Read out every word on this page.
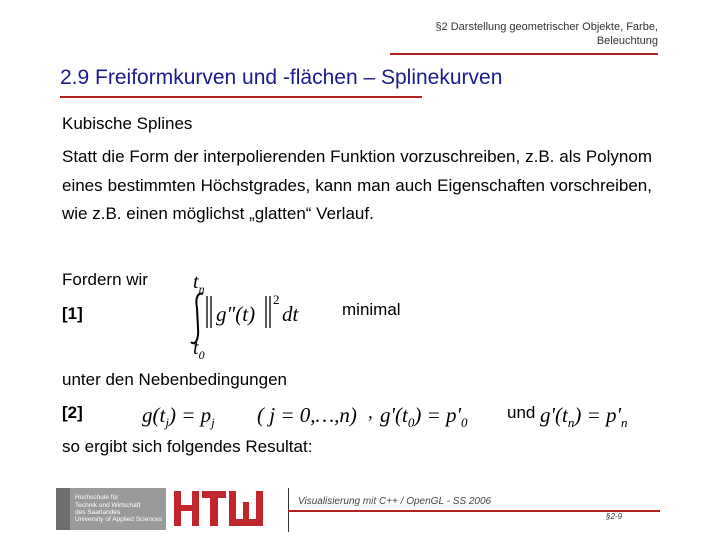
§2 Darstellung geometrischer Objekte, Farbe,
Beleuchtung
2.9 Freiformkurven und -flächen – Splinekurven
Kubische Splines
Statt die Form der interpolierenden Funktion vorzuschreiben, z.B. als Polynom eines bestimmten Höchstgrades, kann man auch Eigenschaften vorschreiben, wie z.B. einen möglichst „glatten“ Verlauf.
Fordern wir
[1]
$t_n$
g″(t)
2
dt
$t_0$
minimal
unter den Nebenbedingungen
[2]	$g(t_j) = p_j$ ( j = 0,…,n) , $g'(t_0) = p'_0$
und $g'(t_n) = p'_n$
so ergibt sich folgendes Resultat:
Hochschule für
Technik und Wirtschaft
des Saarlandes
University of Applied Sciences
Visualisierung mit C++ / OpenGL - SS 2006
§2-9
